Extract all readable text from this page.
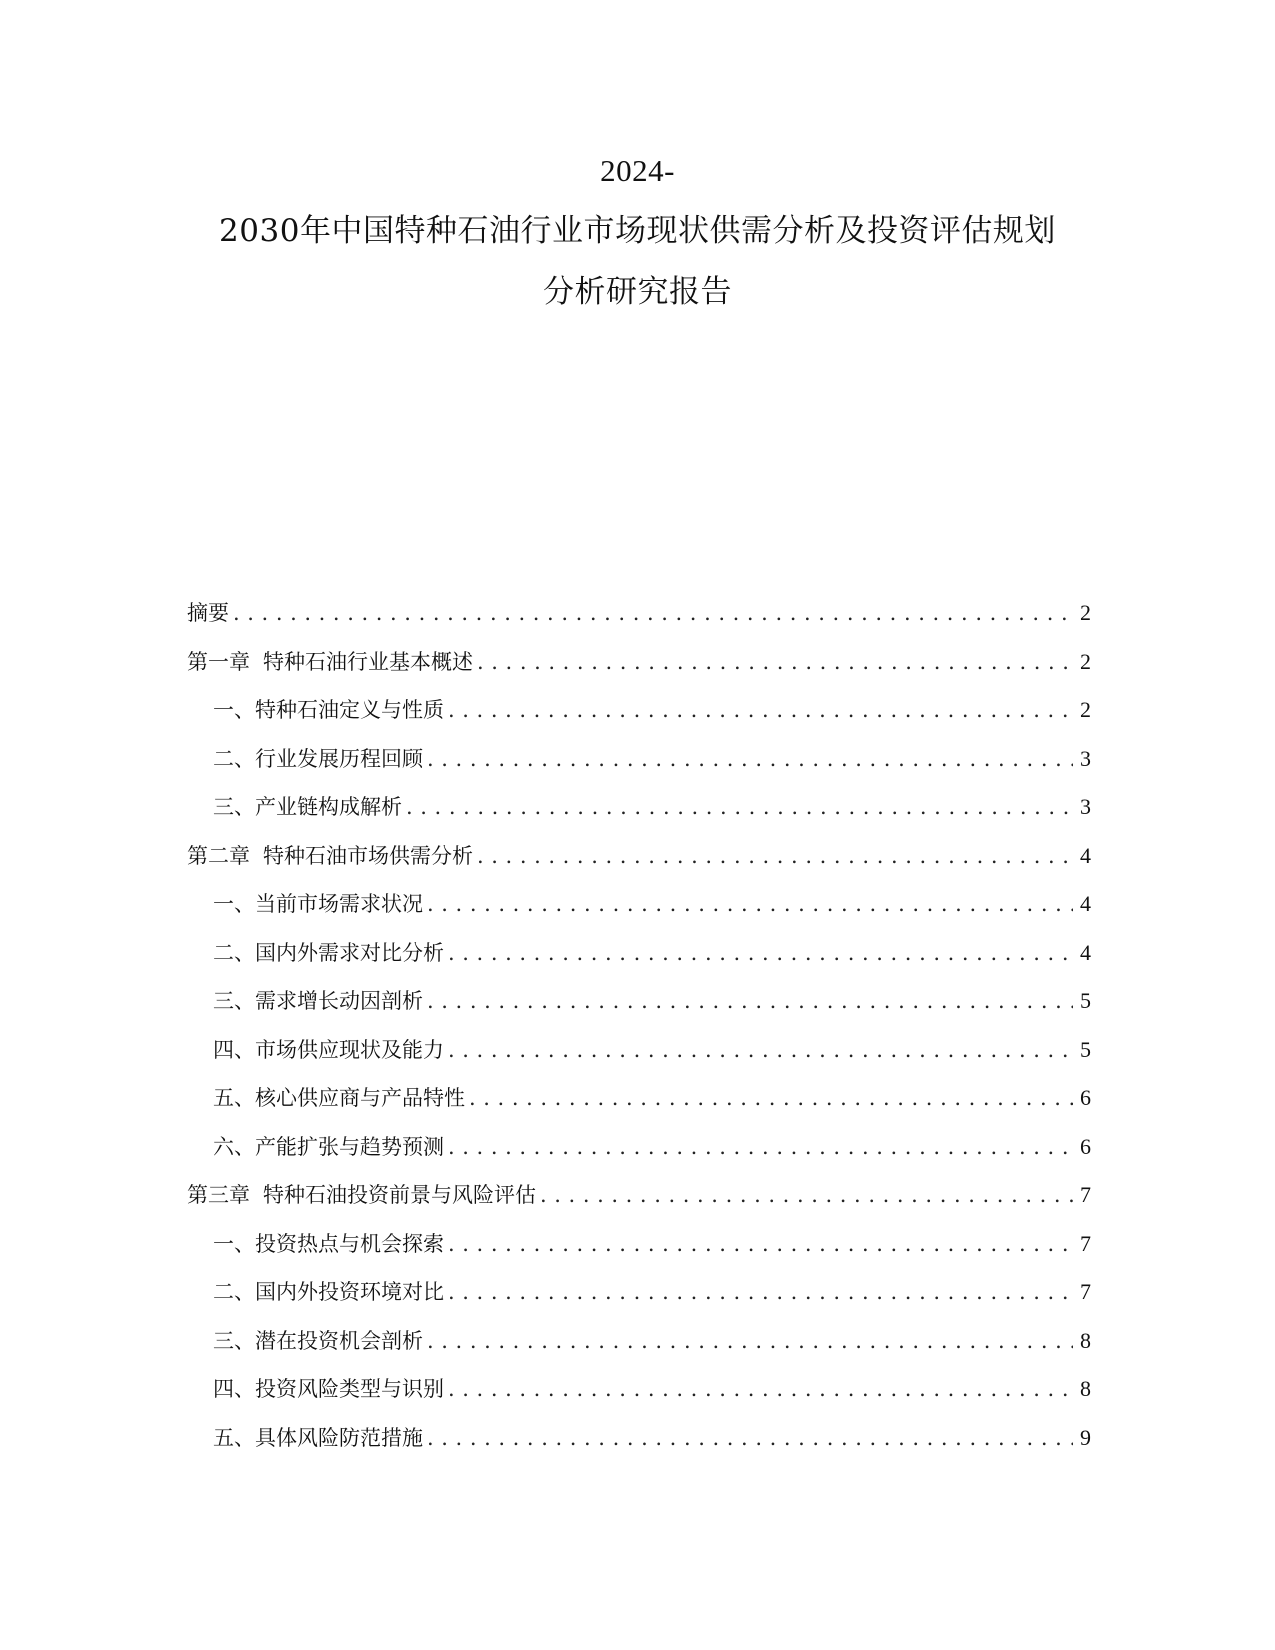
2024-
2030年中国特种石油行业市场现状供需分析及投资评估规划
分析研究报告
摘要 .....	2
第一章 特种石油行业基本概述 .....	2
一、 特种石油定义与性质 .....	2
二、 行业发展历程回顾 .....	3
三、 产业链构成解析 .....	3
第二章 特种石油市场供需分析 .....	4
一、 当前市场需求状况 .....	4
二、 国内外需求对比分析 .....	4
三、 需求增长动因剖析 .....	5
四、 市场供应现状及能力 .....	5
五、 核心供应商与产品特性 .....	6
六、 产能扩张与趋势预测 .....	6
第三章 特种石油投资前景与风险评估 .....	7
一、 投资热点与机会探索 .....	7
二、 国内外投资环境对比 .....	7
三、 潜在投资机会剖析 .....	8
四、 投资风险类型与识别 .....	8
五、 具体风险防范措施 .....	9
